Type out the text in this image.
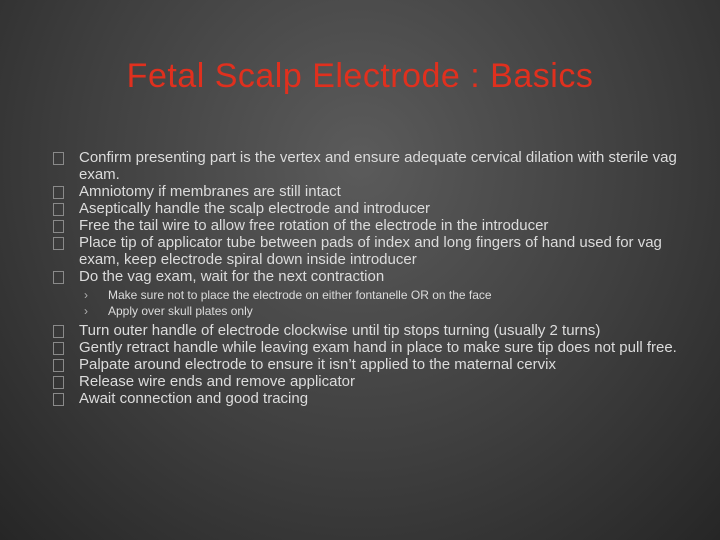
Fetal Scalp Electrode : Basics
Confirm presenting part is the vertex and ensure adequate cervical dilation with sterile vag exam.
Amniotomy if membranes are still intact
Aseptically handle the scalp electrode and introducer
Free the tail wire to allow free rotation of the electrode in the introducer
Place tip of applicator tube between pads of index and long fingers of hand used for vag exam, keep electrode spiral down inside introducer
Do the vag exam, wait for the next contraction
› Make sure not to place the electrode on either fontanelle OR on the face
› Apply over skull plates only
Turn outer handle of electrode clockwise until tip stops turning (usually 2 turns)
Gently retract handle while leaving exam hand in place to make sure tip does not pull free.
Palpate around electrode to ensure it isn’t applied to the maternal cervix
Release wire ends and remove applicator
Await connection and good tracing
